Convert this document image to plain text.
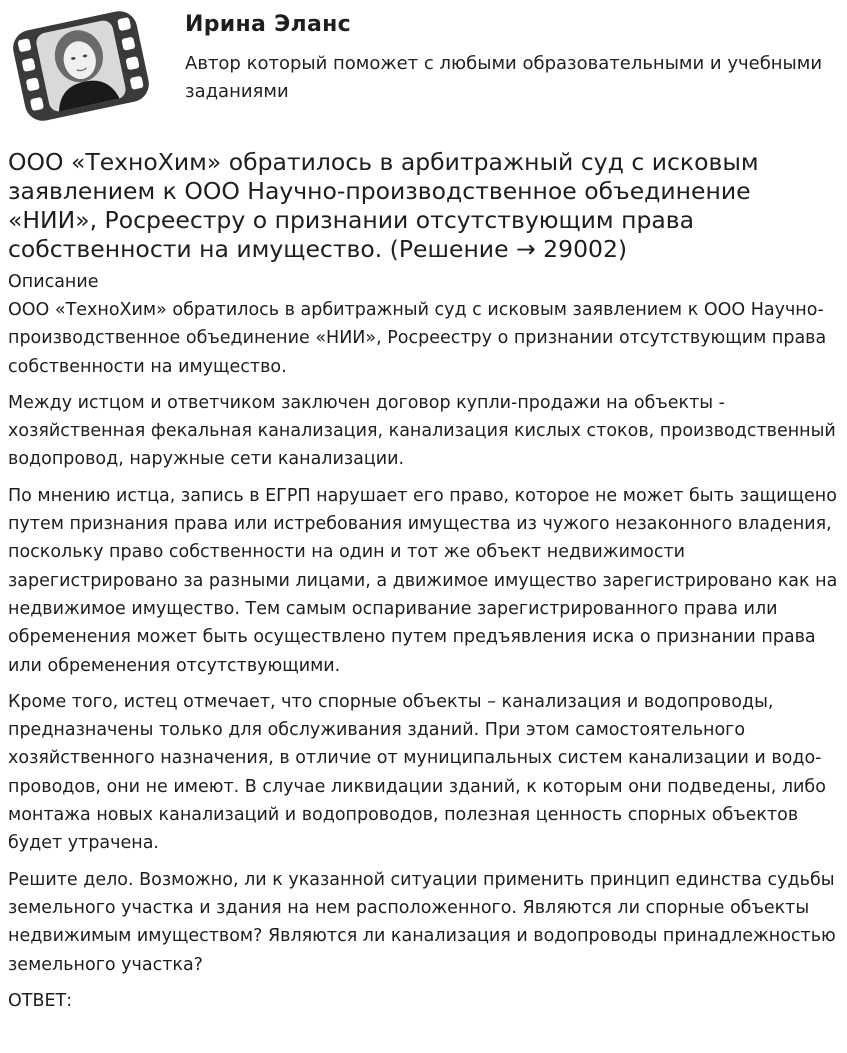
Ирина Эланс
Автор который поможет с любыми образовательными и учебными заданиями
ООО «ТехноХим» обратилось в арбитражный суд с исковым заявлением к ООО Научно-производственное объединение «НИИ», Росреестру о признании отсутствующим права собственности на имущество. (Решение → 29002)

Описание

ООО «ТехноХим» обратилось в арбитражный суд с исковым заявлением к ООО Научно-производственное объединение «НИИ», Росреестру о признании отсутствующим права собственности на имущество.

Между истцом и ответчиком заключен договор купли-продажи на объекты - хозяйственная фекальная канализация, канализация кислых стоков, производственный водопровод, наружные сети канализации.

По мнению истца, запись в ЕГРП нарушает его право, которое не может быть защищено путем признания права или истребования имущества из чужого незаконного владения, поскольку право собственности на один и тот же объект недвижимости зарегистрировано за разными лицами, а движимое имущество зарегистрировано как на недвижимое имущество. Тем самым оспаривание зарегистрированного права или обременения может быть осуществлено путем предъявления иска о признании права или обременения отсутствующими.

Кроме того, истец отмечает, что спорные объекты – канализация и водопроводы, предназначены только для обслуживания зданий. При этом самостоятельного хозяйственного назначения, в отличие от муниципальных систем канализации и водо- проводов, они не имеют. В случае ликвидации зданий, к которым они подведены, либо монтажа новых канализаций и водопроводов, полезная ценность спорных объектов будет утрачена.

Решите дело. Возможно, ли к указанной ситуации применить принцип единства судьбы земельного участка и здания на нем расположенного. Являются ли спорные объекты недвижимым имуществом? Являются ли канализация и водопроводы принадлежностью земельного участка?

ОТВЕТ:
